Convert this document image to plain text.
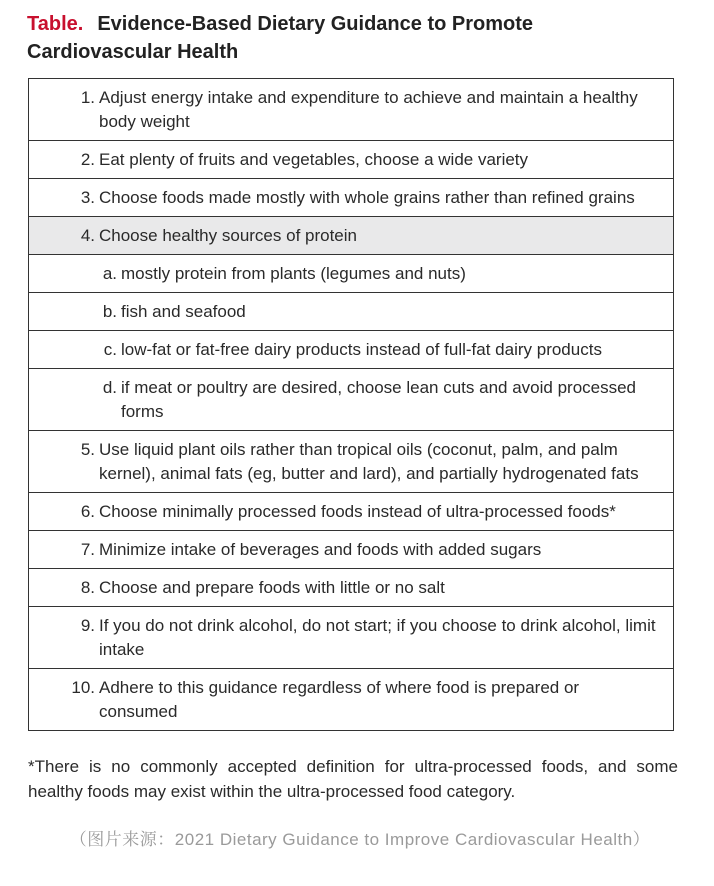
Table. Evidence-Based Dietary Guidance to Promote Cardiovascular Health
1. Adjust energy intake and expenditure to achieve and maintain a healthy body weight
2. Eat plenty of fruits and vegetables, choose a wide variety
3. Choose foods made mostly with whole grains rather than refined grains
4. Choose healthy sources of protein
a. mostly protein from plants (legumes and nuts)
b. fish and seafood
c. low-fat or fat-free dairy products instead of full-fat dairy products
d. if meat or poultry are desired, choose lean cuts and avoid processed forms
5. Use liquid plant oils rather than tropical oils (coconut, palm, and palm kernel), animal fats (eg, butter and lard), and partially hydrogenated fats
6. Choose minimally processed foods instead of ultra-processed foods*
7. Minimize intake of beverages and foods with added sugars
8. Choose and prepare foods with little or no salt
9. If you do not drink alcohol, do not start; if you choose to drink alcohol, limit intake
10. Adhere to this guidance regardless of where food is prepared or consumed
*There is no commonly accepted definition for ultra-processed foods, and some healthy foods may exist within the ultra-processed food category.
（图片来源：2021 Dietary Guidance to Improve Cardiovascular Health）
